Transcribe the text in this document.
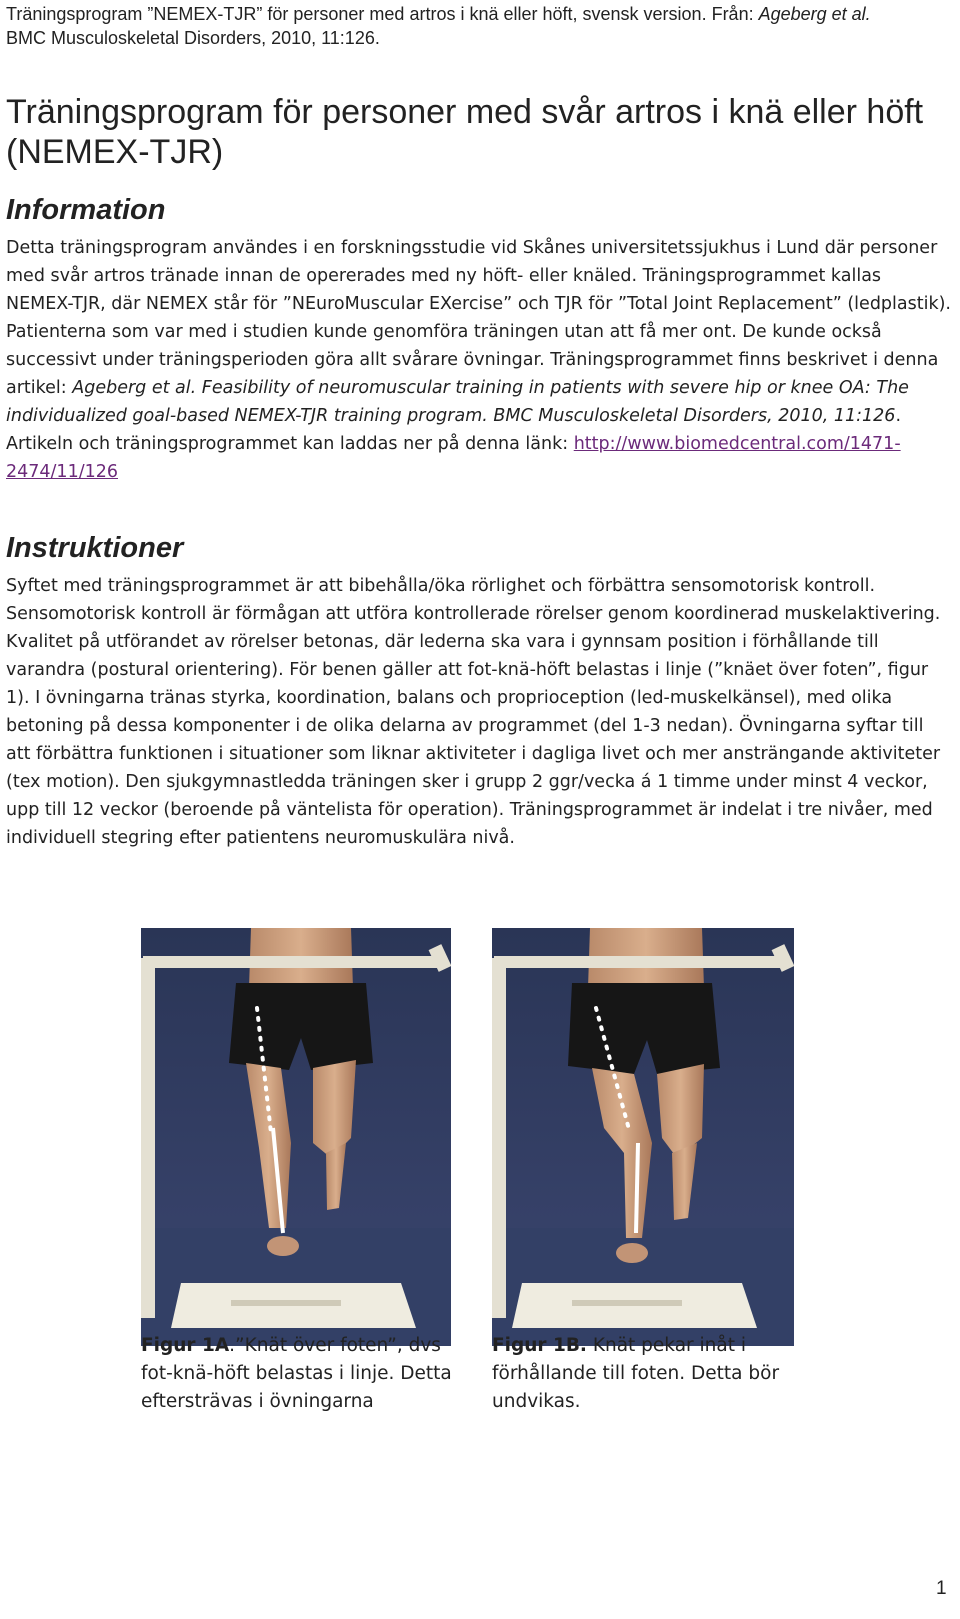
Träningsprogram ”NEMEX-TJR” för personer med artros i knä eller höft, svensk version. Från: Ageberg et al.
BMC Musculoskeletal Disorders, 2010, 11:126.
Träningsprogram för personer med svår artros i knä eller höft (NEMEX-TJR)
Information

Detta träningsprogram användes i en forskningsstudie vid Skånes universitetssjukhus i Lund där personer med svår artros tränade innan de opererades med ny höft- eller knäled. Träningsprogrammet kallas NEMEX-TJR, där NEMEX står för ”NEuroMuscular EXercise” och TJR för ”Total Joint Replacement” (ledplastik). Patienterna som var med i studien kunde genomföra träningen utan att få mer ont. De kunde också successivt under träningsperioden göra allt svårare övningar. Träningsprogrammet finns beskrivet i denna artikel: Ageberg et al. Feasibility of neuromuscular training in patients with severe hip or knee OA: The individualized goal-based NEMEX-TJR training program. BMC Musculoskeletal Disorders, 2010, 11:126. Artikeln och träningsprogrammet kan laddas ner på denna länk: http://www.biomedcentral.com/1471-2474/11/126

Instruktioner

Syftet med träningsprogrammet är att bibehålla/öka rörlighet och förbättra sensomotorisk kontroll. Sensomotorisk kontroll är förmågan att utföra kontrollerade rörelser genom koordinerad muskelaktivering. Kvalitet på utförandet av rörelser betonas, där lederna ska vara i gynnsam position i förhållande till varandra (postural orientering). För benen gäller att fot-knä-höft belastas i linje (”knäet över foten”, figur 1). I övningarna tränas styrka, koordination, balans och proprioception (led-muskelkänsel), med olika betoning på dessa komponenter i de olika delarna av programmet (del 1-3 nedan). Övningarna syftar till att förbättra funktionen i situationer som liknar aktiviteter i dagliga livet och mer ansträngande aktiviteter (tex motion). Den sjukgymnastledda träningen sker i grupp 2 ggr/vecka á 1 timme under minst 4 veckor, upp till 12 veckor (beroende på väntelista för operation). Träningsprogrammet är indelat i tre nivåer, med individuell stegring efter patientens neuromuskulära nivå.

Figur 1A.”Knät över foten”, dvs fot-knä-höft belastas i linje. Detta eftersträvas i övningarna

Figur 1B. Knät pekar inåt i förhållande till foten. Detta bör undvikas.

1
